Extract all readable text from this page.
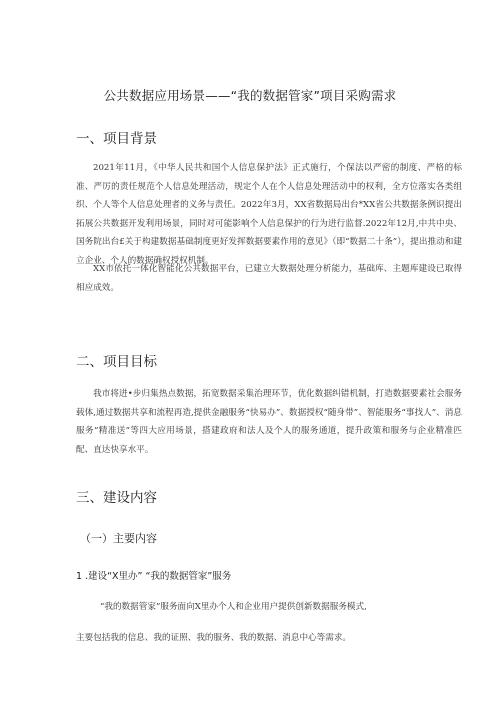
公共数据应用场景——“我的数据管家”项目采购需求
一、项目背景
2021年11月，《中华人民共和国个人信息保护法》正式施行，个保法以严密的制度、严格的标准、严厉的责任规范个人信息处理活动，规定个人在个人信息处理活动中的权利，全方位落实各类组织、个人等个人信息处理者的义务与责任。2022年3月，XX省数据局出台*XX省公共数据条例识提出拓展公共数据开发利用场景，同时对可能影响个人信息保护的行为进行监督.2022年12月,中共中央、国务院出台£关于构建数据基础制度更好发挥数据要素作用的意见》（即“数据二十条”），提出推动和建立企业、个人的数据确权授权机制。
XX市依托一体化智能化公共数据平台，已建立大数据处理分析能力，基础库、主题库建设已取得相应成效。
二、项目目标
我市将进•步归集热点数据，拓宽数据采集治理环节，优化数据纠错机制，打造数据要素社会服务载体,通过数据共享和流程再造,提供金融服务“快易办”、数据授权“随身带”、智能服务“事找人”、消息服务“精准送”等四大应用场景，搭建政府和法人及个人的服务通道，提升政策和服务与企业精准匹配、直达快享水平。
三、建设内容
（一）主要内容
1 .建设“X里办” “我的数据管家”服务
“我的数据管家”服务面向X里办个人和企业用户提供创新数据服务模式,
主要包括我的信息、我的证照、我的服务、我的数据、消息中心等需求。
